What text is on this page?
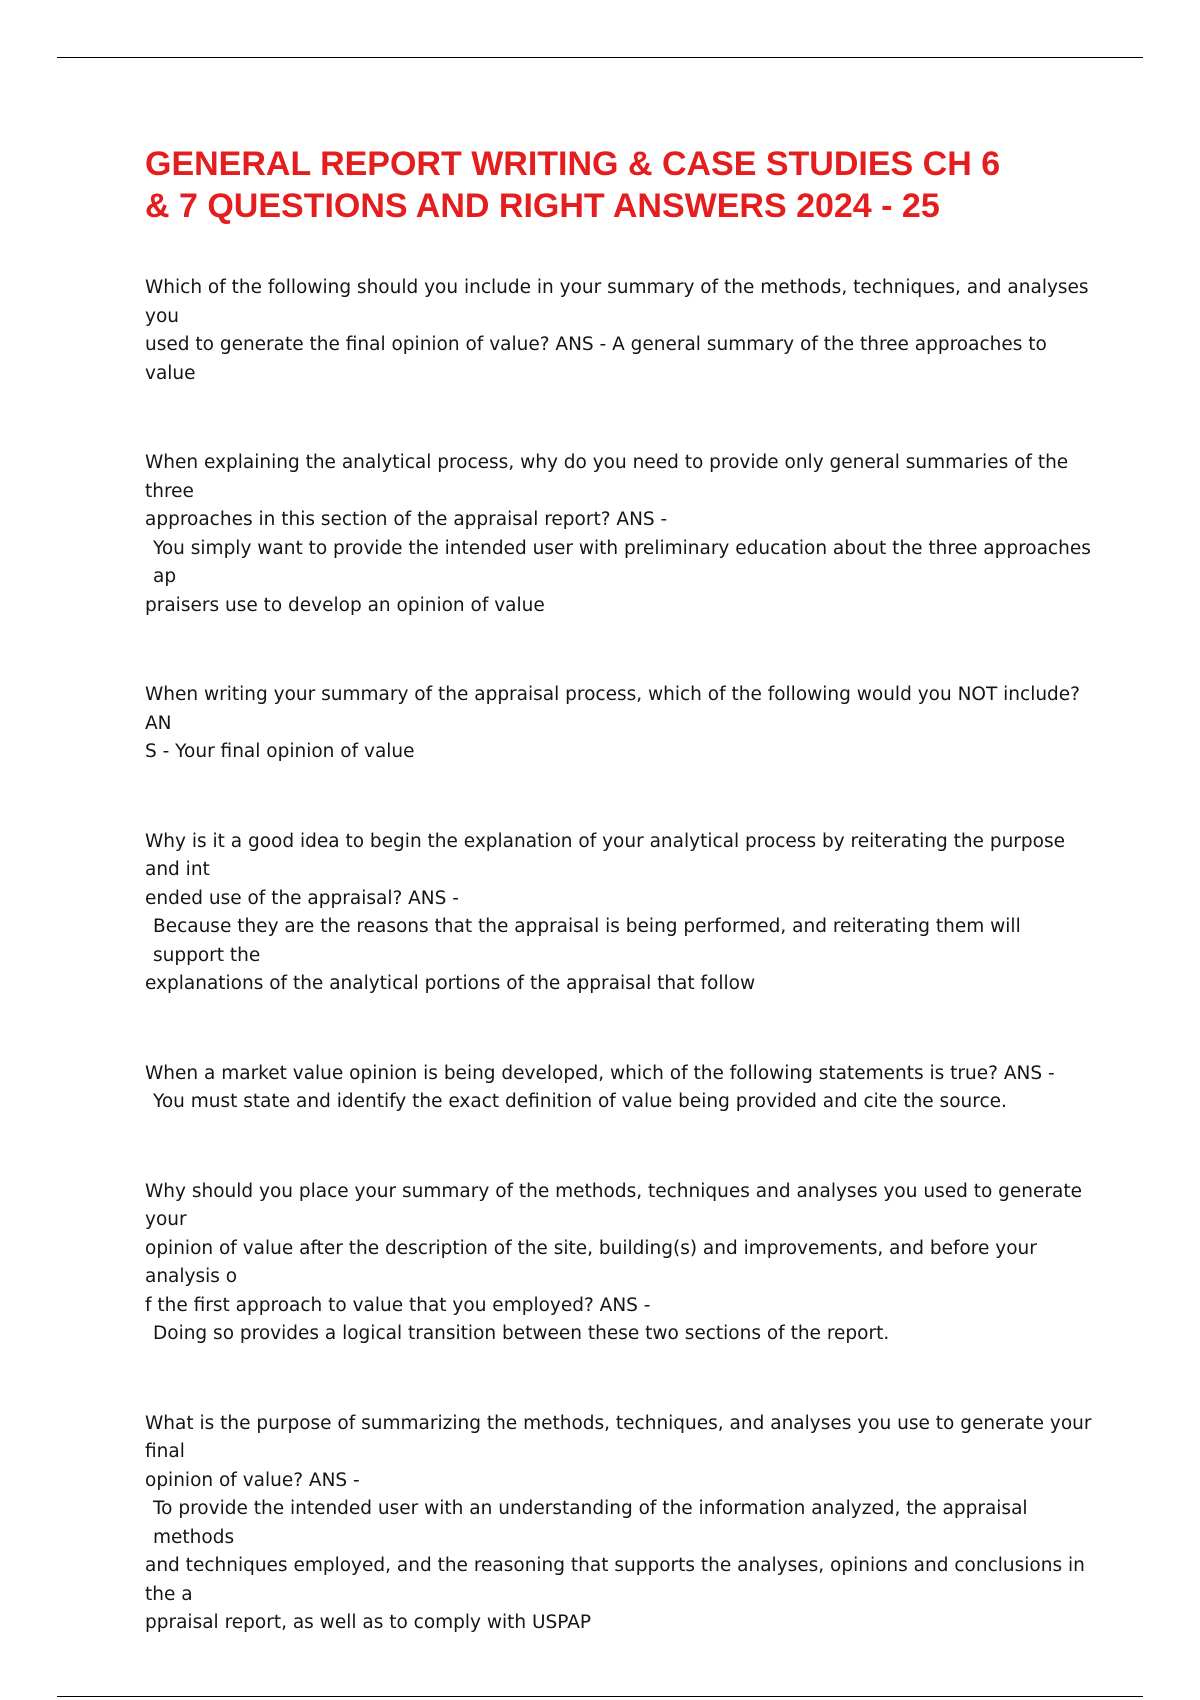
GENERAL REPORT WRITING & CASE STUDIES CH 6
& 7 QUESTIONS AND RIGHT ANSWERS 2024 - 25

Which of the following should you include in your summary of the methods, techniques, and analyses you

used to generate the final opinion of value? ANS - A general summary of the three approaches to value

When explaining the analytical process, why do you need to provide only general summaries of the three

approaches in this section of the appraisal report? ANS -

You simply want to provide the intended user with preliminary education about the three approaches ap

praisers use to develop an opinion of value

When writing your summary of the appraisal process, which of the following would you NOT include? AN

S - Your final opinion of value

Why is it a good idea to begin the explanation of your analytical process by reiterating the purpose and int

ended use of the appraisal? ANS -

Because they are the reasons that the appraisal is being performed, and reiterating them will support the

explanations of the analytical portions of the appraisal that follow

When a market value opinion is being developed, which of the following statements is true? ANS -

You must state and identify the exact definition of value being provided and cite the source.

Why should you place your summary of the methods, techniques and analyses you used to generate your

opinion of value after the description of the site, building(s) and improvements, and before your analysis o

f the first approach to value that you employed? ANS -

Doing so provides a logical transition between these two sections of the report.

What is the purpose of summarizing the methods, techniques, and analyses you use to generate your final

opinion of value? ANS -

To provide the intended user with an understanding of the information analyzed, the appraisal methods

and techniques employed, and the reasoning that supports the analyses, opinions and conclusions in the a

ppraisal report, as well as to comply with USPAP
